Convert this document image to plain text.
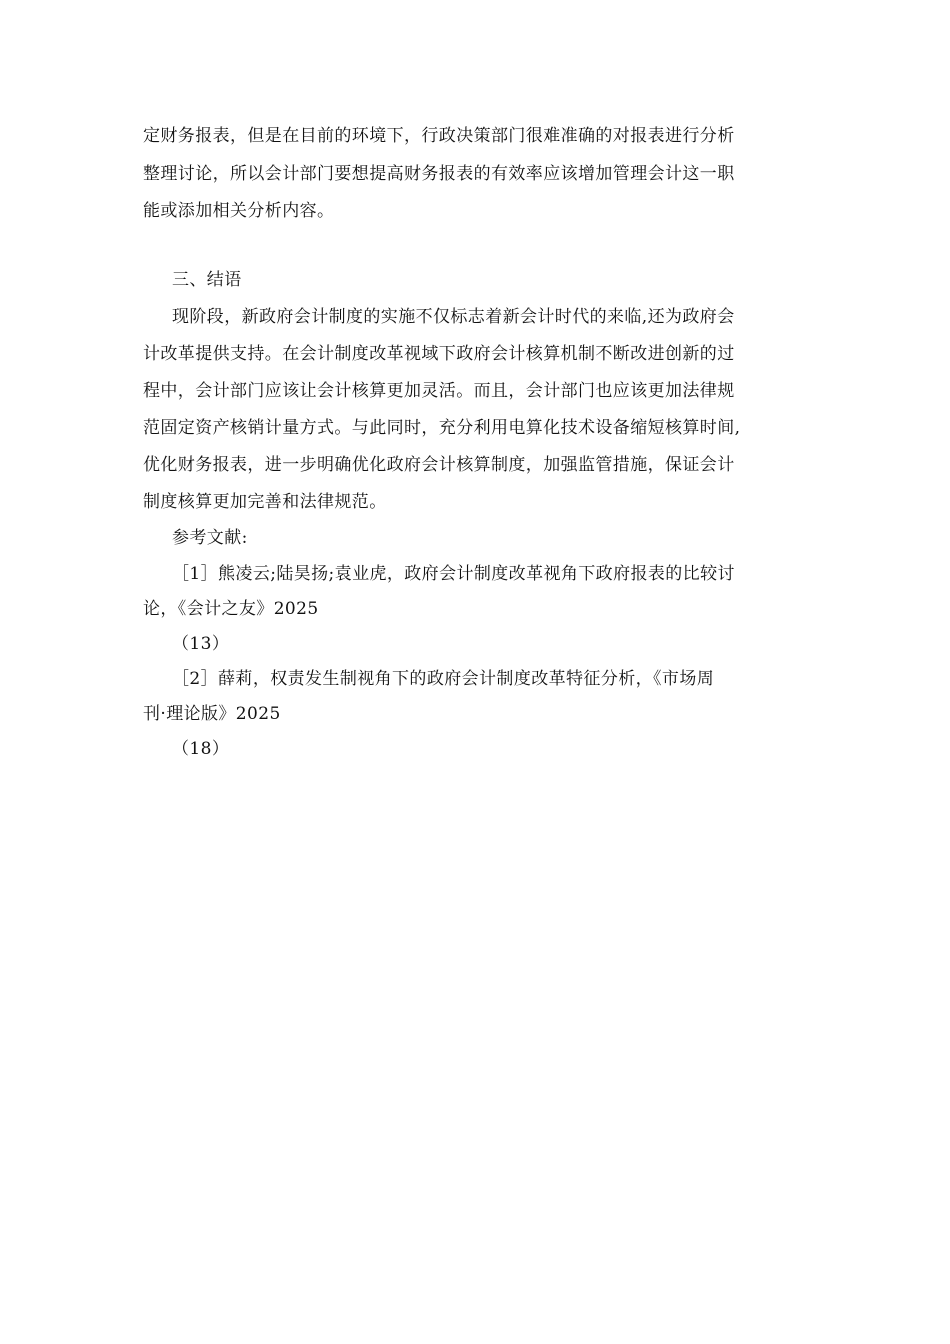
定财务报表，但是在目前的环境下，行政决策部门很难准确的对报表进行分析
整理讨论，所以会计部门要想提高财务报表的有效率应该增加管理会计这一职
能或添加相关分析内容。
三、结语
现阶段，新政府会计制度的实施不仅标志着新会计时代的来临,还为政府会
计改革提供支持。在会计制度改革视域下政府会计核算机制不断改进创新的过
程中，会计部门应该让会计核算更加灵活。而且，会计部门也应该更加法律规
范固定资产核销计量方式。与此同时，充分利用电算化技术设备缩短核算时间,
优化财务报表，进一步明确优化政府会计核算制度，加强监管措施，保证会计
制度核算更加完善和法律规范。
参考文献:
［1］熊凌云;陆昊扬;袁业虎，政府会计制度改革视角下政府报表的比较讨
论，《会计之友》2025
（13）
［2］薛莉，权责发生制视角下的政府会计制度改革特征分析，《市场周
刊·理论版》2025
（18）
